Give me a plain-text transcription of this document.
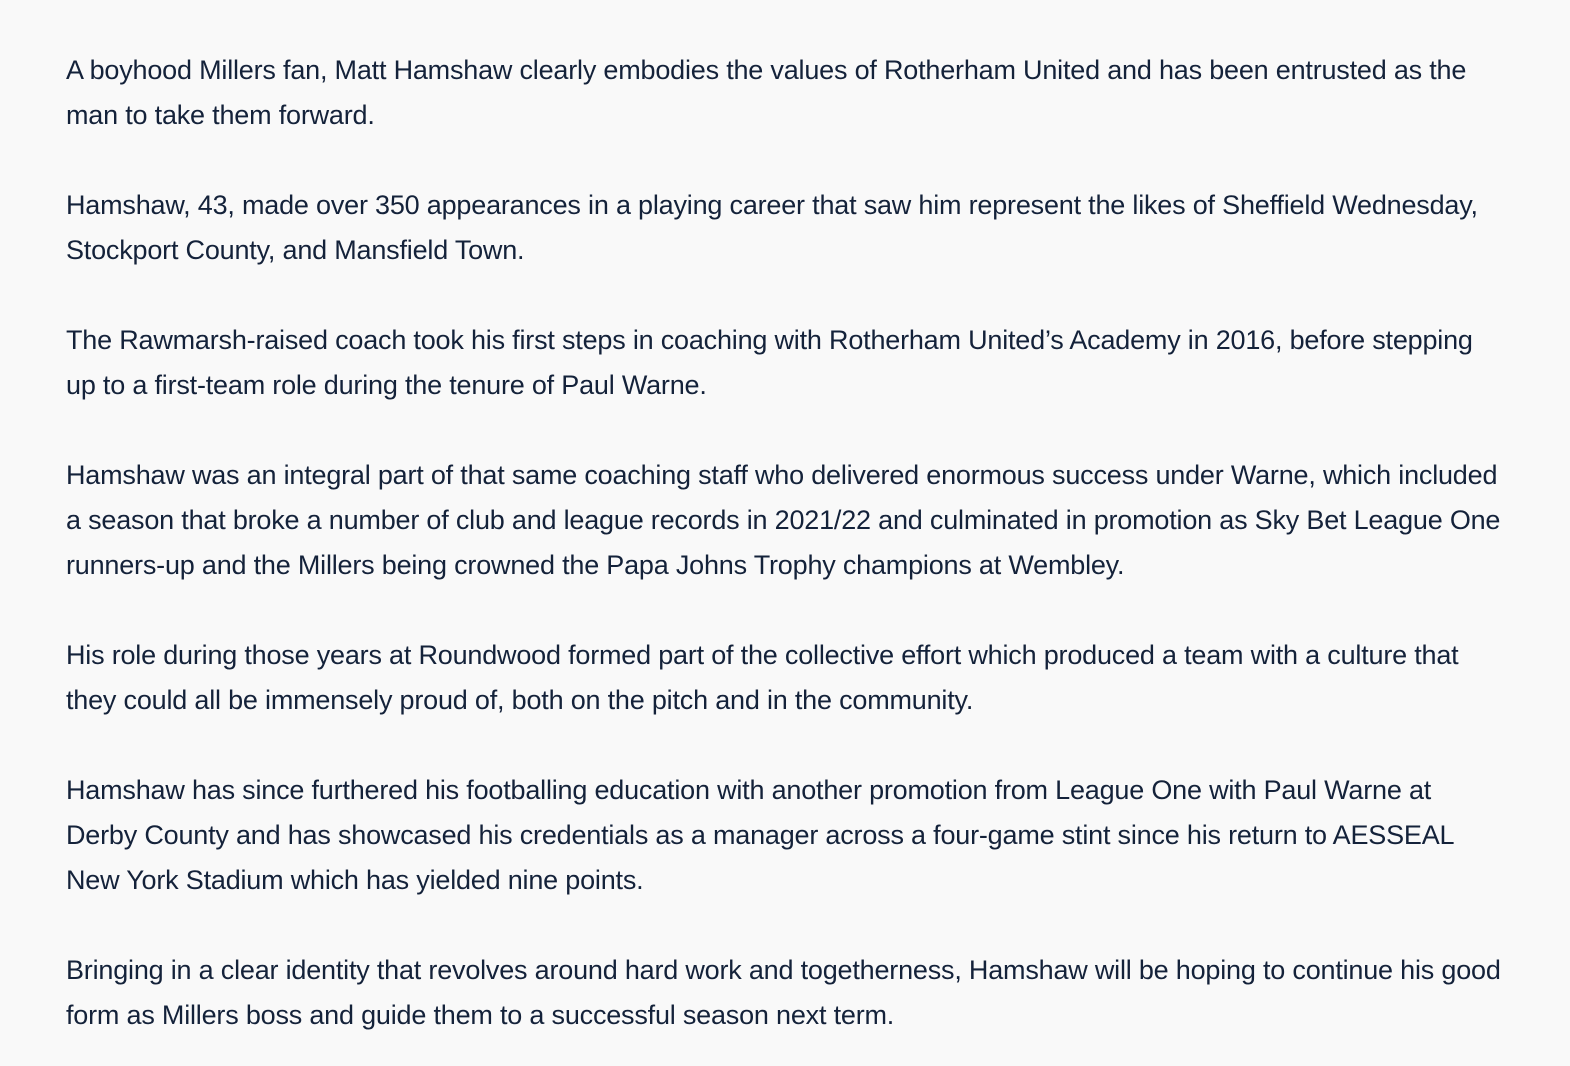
A boyhood Millers fan, Matt Hamshaw clearly embodies the values of Rotherham United and has been entrusted as the man to take them forward.

Hamshaw, 43, made over 350 appearances in a playing career that saw him represent the likes of Sheffield Wednesday, Stockport County, and Mansfield Town.

The Rawmarsh-raised coach took his first steps in coaching with Rotherham United’s Academy in 2016, before stepping up to a first-team role during the tenure of Paul Warne.

Hamshaw was an integral part of that same coaching staff who delivered enormous success under Warne, which included a season that broke a number of club and league records in 2021/22 and culminated in promotion as Sky Bet League One runners-up and the Millers being crowned the Papa Johns Trophy champions at Wembley.

His role during those years at Roundwood formed part of the collective effort which produced a team with a culture that they could all be immensely proud of, both on the pitch and in the community.

Hamshaw has since furthered his footballing education with another promotion from League One with Paul Warne at Derby County and has showcased his credentials as a manager across a four-game stint since his return to AESSEAL New York Stadium which has yielded nine points.

Bringing in a clear identity that revolves around hard work and togetherness, Hamshaw will be hoping to continue his good form as Millers boss and guide them to a successful season next term.
